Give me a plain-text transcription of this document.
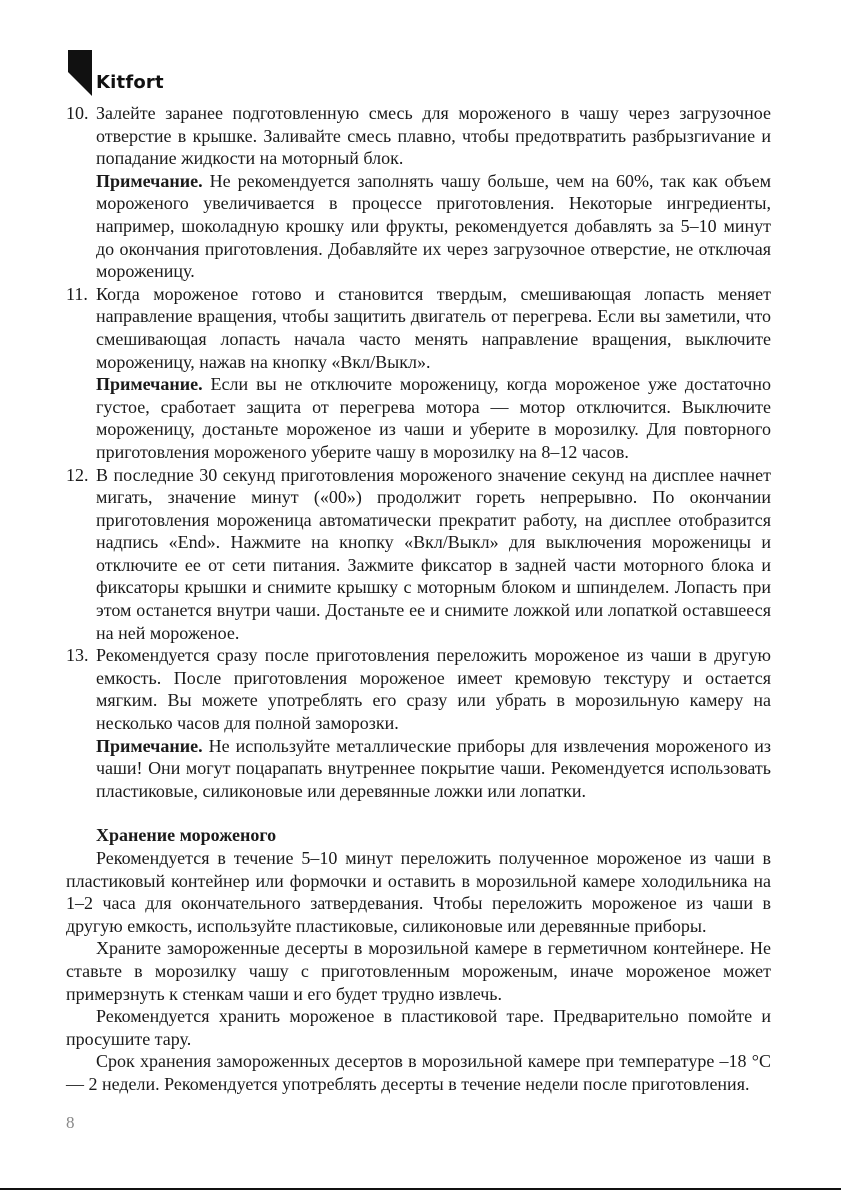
Kitfort
10. Залейте заранее подготовленную смесь для мороженого в чашу через загрузочное отверстие в крышке. Заливайте смесь плавно, чтобы предотвратить разбрызгиvание и попадание жидкости на моторный блок.

Примечание. Не рекомендуется заполнять чашу больше, чем на 60%, так как объем мороженого увеличивается в процессе приготовления. Некоторые ингредиенты, например, шоколадную крошку или фрукты, рекомендуется добавлять за 5–10 минут до окончания приготовления. Добавляйте их через загрузочное отверстие, не отключая мороженицу.

11. Когда мороженое готово и становится твердым, смешивающая лопасть меняет направление вращения, чтобы защитить двигатель от перегрева. Если вы заметили, что смешивающая лопасть начала часто менять направление вращения, выключите мороженицу, нажав на кнопку «Вкл/Выкл».

Примечание. Если вы не отключите мороженицу, когда мороженое уже достаточно густое, сработает защита от перегрева мотора — мотор отключится. Выключите мороженицу, достаньте мороженое из чаши и уберите в морозилку. Для повторного приготовления мороженого уберите чашу в морозилку на 8–12 часов.

12. В последние 30 секунд приготовления мороженого значение секунд на дисплее начнет мигать, значение минут («00») продолжит гореть непрерывно. По окончании приготовления мороженица автоматически прекратит работу, на дисплее отобразится надпись «End». Нажмите на кнопку «Вкл/Выкл» для выключения мороженицы и отключите ее от сети питания. Зажмите фиксатор в задней части моторного блока и фиксаторы крышки и снимите крышку с моторным блоком и шпинделем. Лопасть при этом останется внутри чаши. Достаньте ее и снимите ложкой или лопаткой оставшееся на ней мороженое.

13. Рекомендуется сразу после приготовления переложить мороженое из чаши в другую емкость. После приготовления мороженое имеет кремовую текстуру и остается мягким. Вы можете употреблять его сразу или убрать в морозильную камеру на несколько часов для полной заморозки.

Примечание. Не используйте металлические приборы для извлечения мороженого из чаши! Они могут поцарапать внутреннее покрытие чаши. Рекомендуется использовать пластиковые, силиконовые или деревянные ложки или лопатки.

Хранение мороженого

Рекомендуется в течение 5–10 минут переложить полученное мороженое из чаши в пластиковый контейнер или формочки и оставить в морозильной камере холодильника на 1–2 часа для окончательного затвердевания. Чтобы переложить мороженое из чаши в другую емкость, используйте пластиковые, силиконовые или деревянные приборы.

Храните замороженные десерты в морозильной камере в герметичном контейнере. Не ставьте в морозилку чашу с приготовленным мороженым, иначе мороженое может примерзнуть к стенкам чаши и его будет трудно извлечь.

Рекомендуется хранить мороженое в пластиковой таре. Предварительно помойте и просушите тару.

Срок хранения замороженных десертов в морозильной камере при температуре –18 °С — 2 недели. Рекомендуется употреблять десерты в течение недели после приготовления.

8
